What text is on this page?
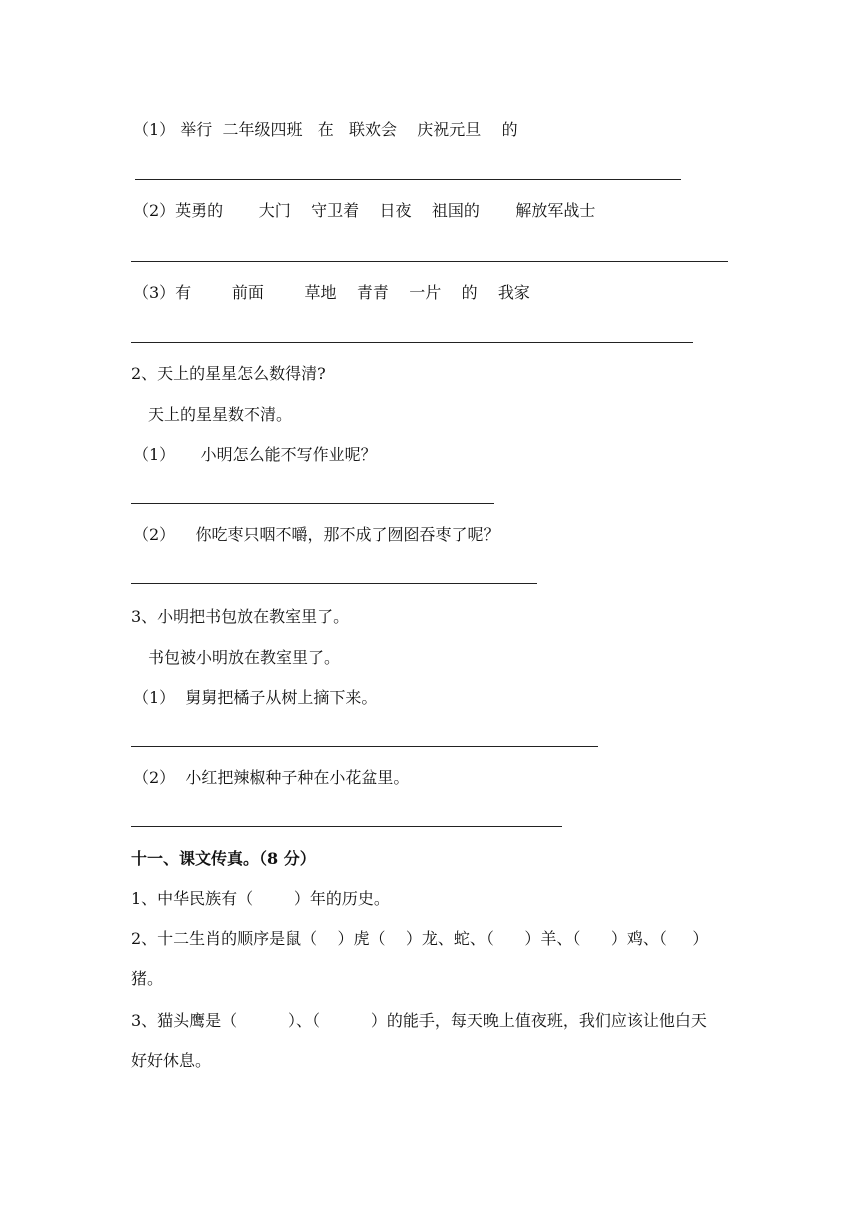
（1） 举行  二年级四班   在   联欢会    庆祝元旦    的
（2）英勇的       大门    守卫着    日夜    祖国的       解放军战士
（3）有        前面        草地    青青    一片    的    我家
2、天上的星星怎么数得清?
天上的星星数不清。
（1）     小明怎么能不写作业呢？
（2）    你吃枣只咽不嚼，那不成了囫囵吞枣了呢？
3、小明把书包放在教室里了。
书包被小明放在教室里了。
（1）  舅舅把橘子从树上摘下来。
（2）  小红把辣椒种子种在小花盆里。
十一、课文传真。（8 分）
1、中华民族有（        ）年的历史。
2、十二生肖的顺序是鼠（    ）虎（    ）龙、蛇、（      ）羊、（      ）鸡、（     ）
猪。
3、猫头鹰是（          ）、（          ）的能手，每天晚上值夜班，我们应该让他白天
好好休息。
